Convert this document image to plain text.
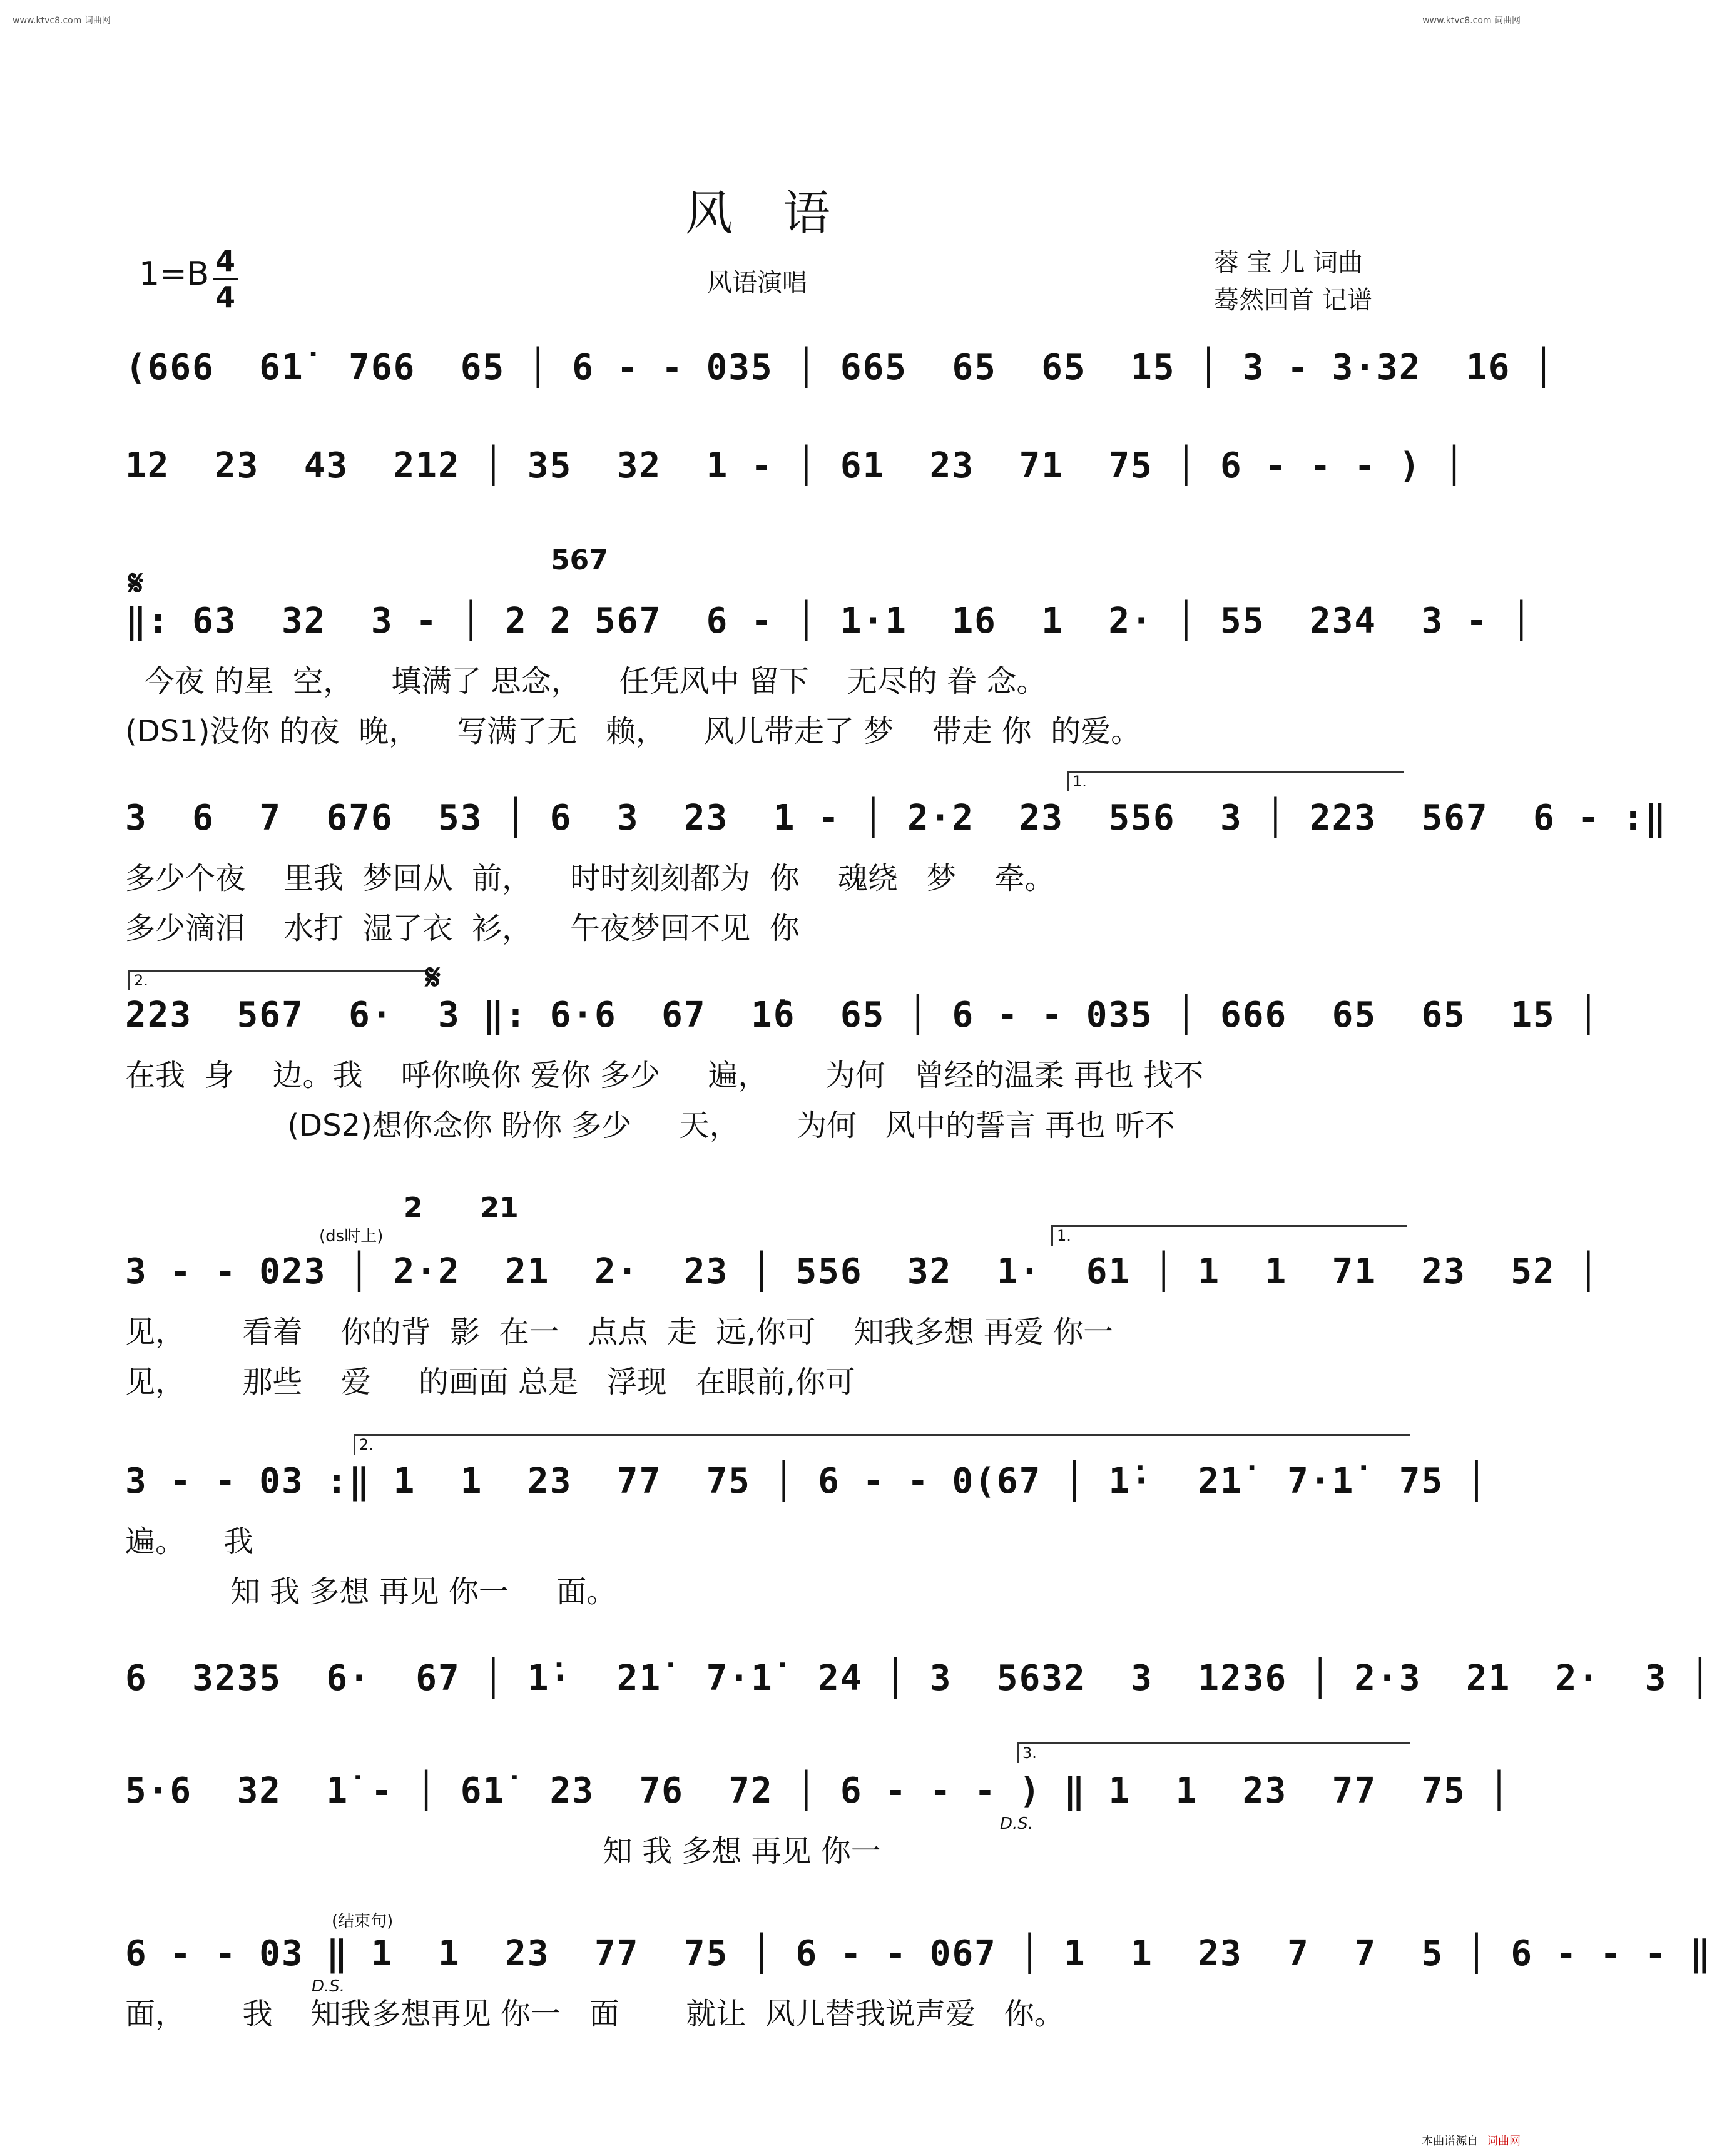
www.ktvc8.com 词曲网	www.ktvc8.com 词曲网
风 语
1=B 4
4	风语演唱
蓉 宝 儿 词曲
蓦然回首 记谱
(666  61̇  766  65 │ 6 - - 035 │ 665  65  65  15 │ 3 - 3·32  16 │
12  23  43  212 │ 35  32  1 - │ 61  23  71  75 │ 6 - - - ) │
𝄋
567
‖: 63  32  3 - │ 2 2 567  6 - │ 1·1  16  1  2· │ 55  234  3 - │
今夜 的星  空，    填满了 思念，    任凭风中 留下    无尽的 眷 念。
(DS1)没你 的夜  晚，    写满了无   赖，    风儿带走了 梦    带走 你  的爱。
1.
3  6  7  676  53 │ 6  3  23  1 - │ 2·2  23  556  3 │ 223  567  6 - :‖
多少个夜    里我  梦回从  前，    时时刻刻都为  你    魂绕   梦    牵。
多少滴泪    水打  湿了衣  衫，    午夜梦回不见  你
2.	𝄋
223  567  6·  3 ‖: 6·6  67  1̇6  65 │ 6 - - 035 │ 666  65  65  15 │
在我  身    边。我    呼你唤你 爱你 多少     遍，      为何   曾经的温柔 再也 找不
(DS2)想你念你 盼你 多少     天，      为何   风中的誓言 再也 听不
(ds时上)
2      21
1.
3 - - 023 │ 2·2  21  2·  23 │ 556  32  1·  61 │ 1  1  71  23  52 │
见，      看着    你的背  影  在一   点点  走  远,你可    知我多想 再爱 你一
见，      那些    爱     的画面 总是   浮现   在眼前,你可
2.
3 - - 03 :‖ 1  1  23  77  75 │ 6 - - 0(67 │ 1̇·  21̇  7·1̇  75 │
遍。    我
知 我 多想 再见 你一     面。
6  3235  6·  67 │ 1̇·  21̇  7·1̇  24 │ 3  5632  3  1236 │ 2·3  21  2·  3 │
3.
5·6  32  1̇ - │ 61̇  23  76  72 │ 6 - - - ) ‖ 1  1  23  77  75 │
D.S.
知 我 多想 再见 你一
(结束句)
6 - - 03 ‖ 1  1  23  77  75 │ 6 - - 067 │ 1  1  23  7  7  5 │ 6 - - - ‖
D.S.
面，      我    知我多想再见 你一   面       就让  风儿替我说声爱   你。
本曲谱源自 词曲网
